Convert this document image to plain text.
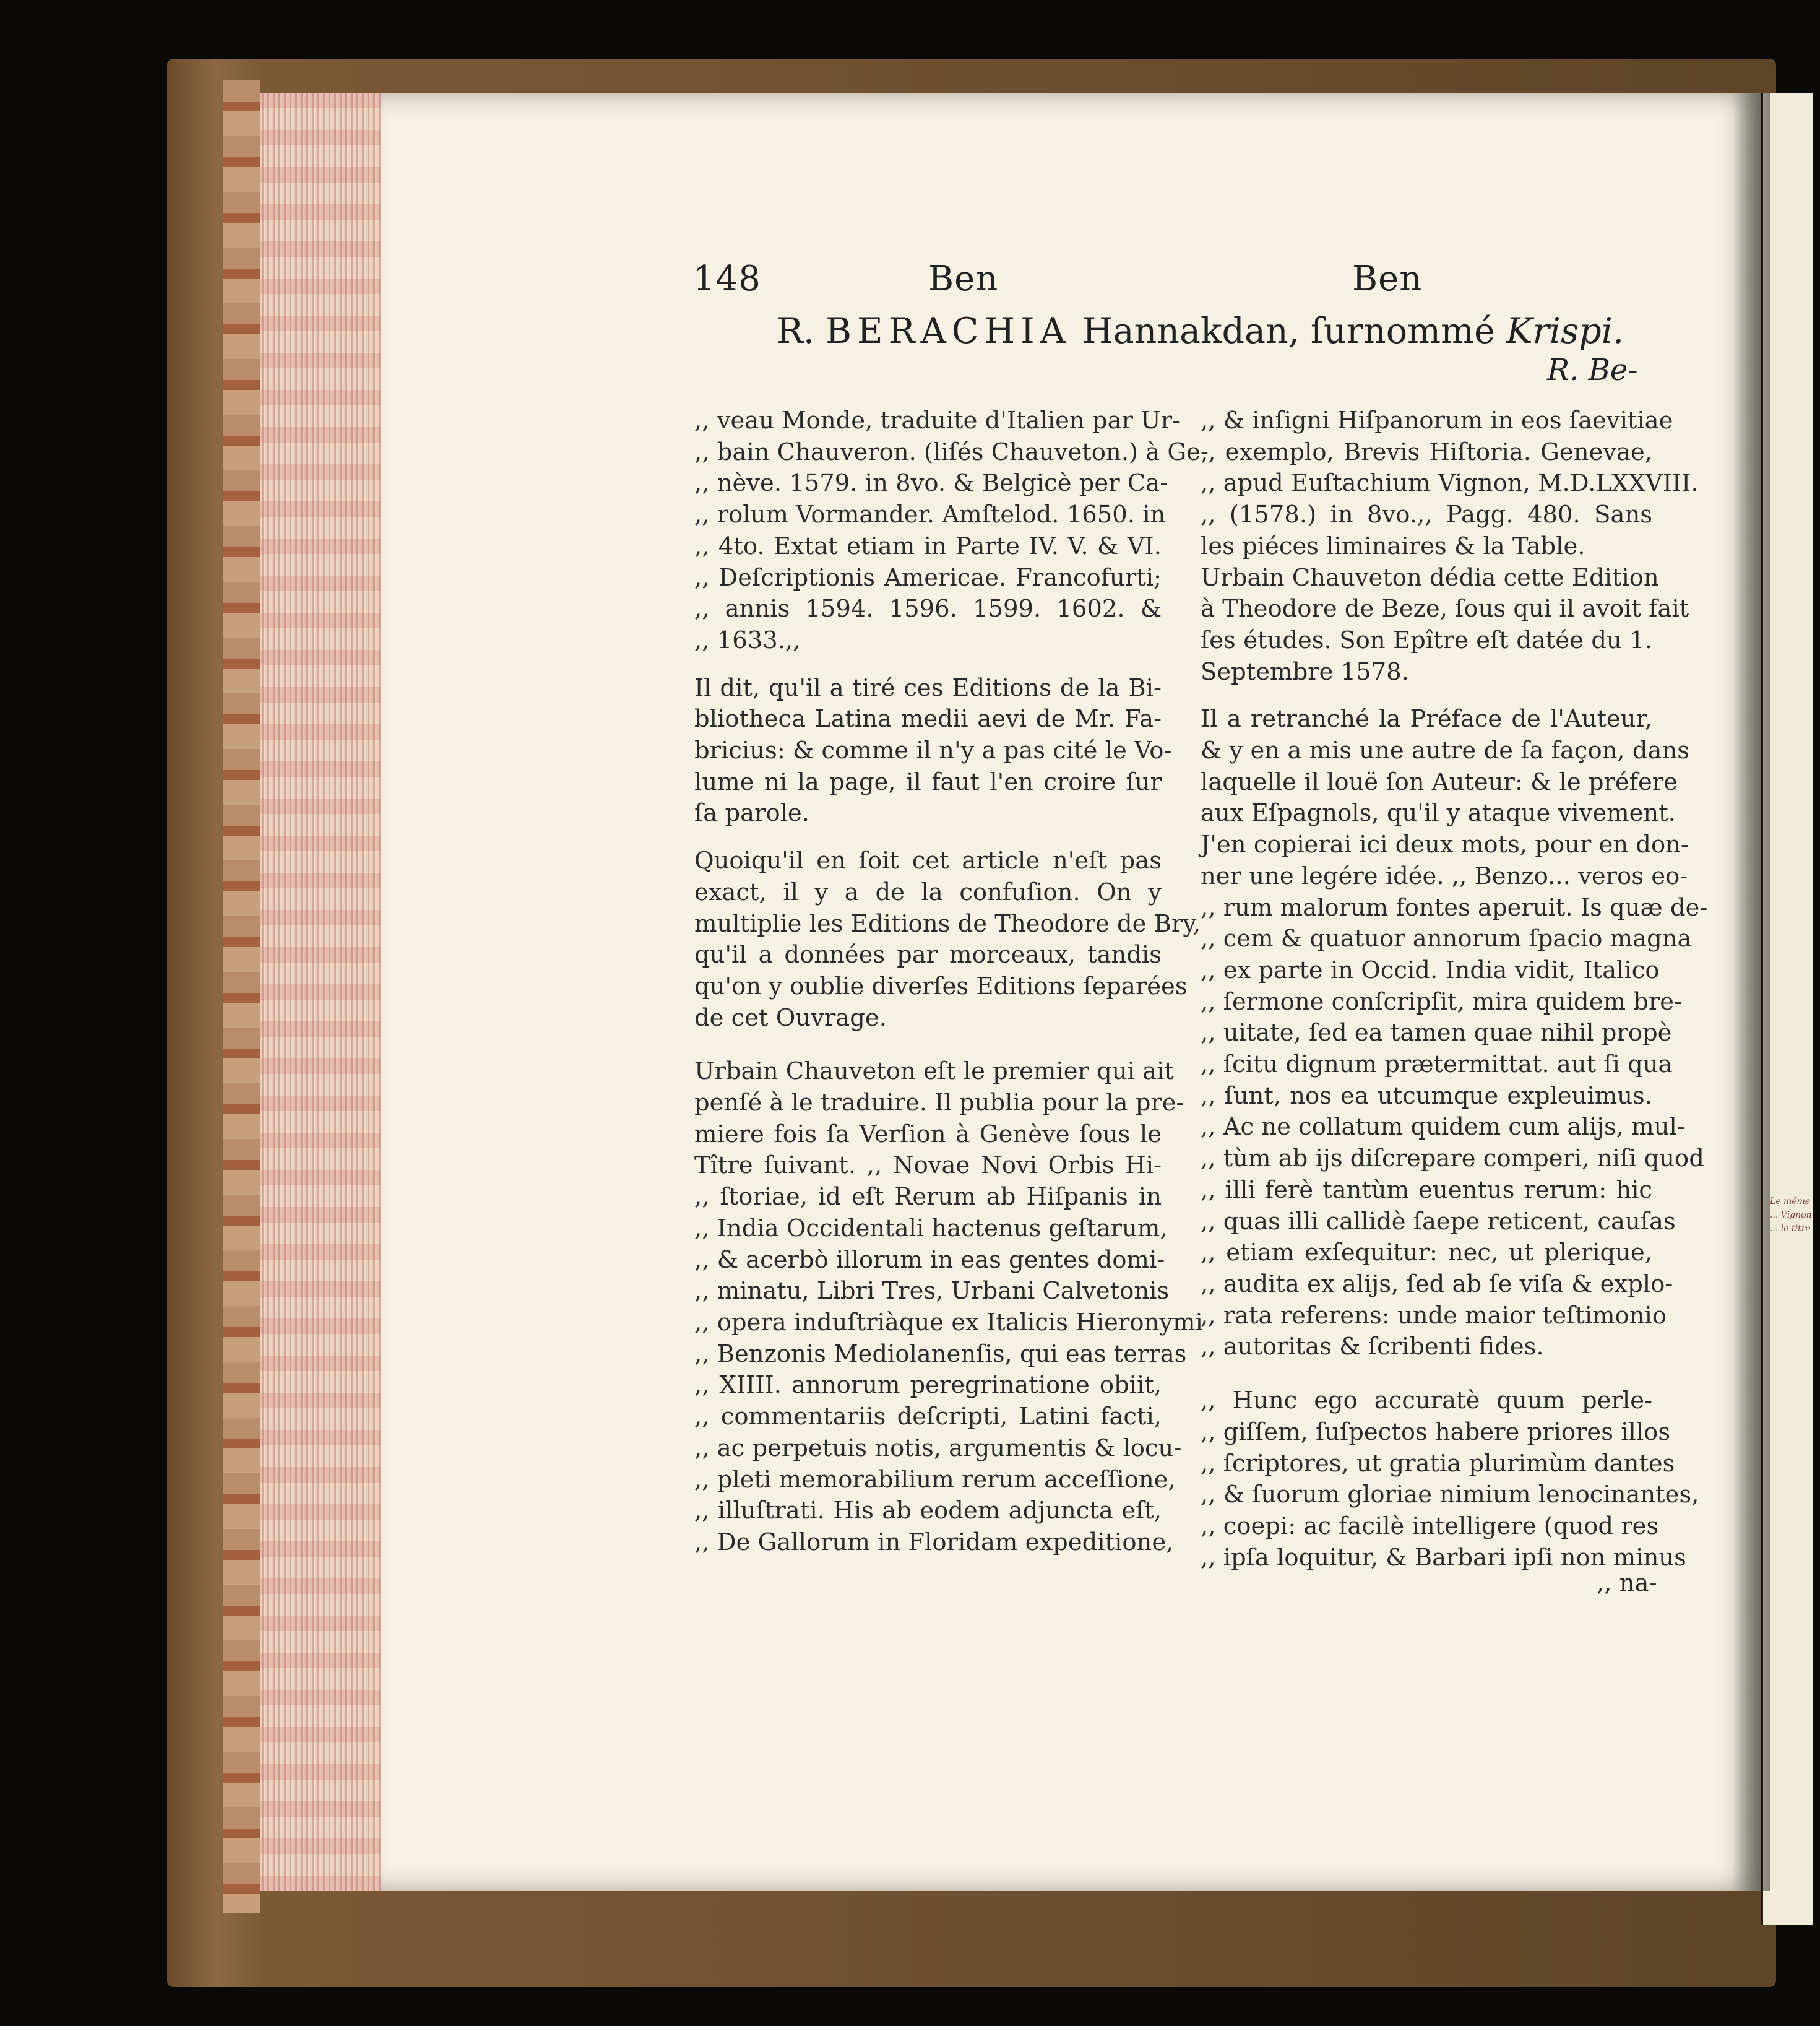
148	Ben	Ben
R. BERACHIA Hannakdan, ſurnommé Krispi.
R. Be-

,, veau Monde, traduite d'Italien par Ur-
,, bain Chauveron. (liſés Chauveton.) à Ge-
,, nève. 1579. in 8vo. & Belgicè per Ca-
,, rolum Vormander. Amſtelod. 1650. in
,, 4to. Extat etiam in Parte IV. V. & VI.
,, Deſcriptionis Americae. Francofurti;
,, annis 1594. 1596. 1599. 1602. &
,, 1633.,,

Il dit, qu'il a tiré ces Editions de la Bi-
bliotheca Latina medii aevi de Mr. Fa-
bricius: & comme il n'y a pas cité le Vo-
lume ni la page, il faut l'en croire ſur
ſa parole.

Quoiqu'il en ſoit cet article n'eſt pas
exact, il y a de la confuſion. On y
multiplie les Editions de Theodore de Bry,
qu'il a données par morceaux, tandis
qu'on y oublie diverſes Editions ſeparées
de cet Ouvrage.

Urbain Chauveton eſt le premier qui ait
penſé à le traduire. Il publia pour la pre-
miere fois ſa Verſion à Genève ſous le
Tître ſuivant. ,, Novae Novi Orbis Hi-
,, ſtoriae, id eſt Rerum ab Hiſpanis in
,, India Occidentali hactenus geſtarum,
,, & acerbò illorum in eas gentes domi-
,, minatu, Libri Tres, Urbani Calvetonis
,, opera induſtriàque ex Italicis Hieronymi
,, Benzonis Mediolanenſis, qui eas terras
,, XIIII. annorum peregrinatione obiit,
,, commentariis deſcripti, Latini facti,
,, ac perpetuis notis, argumentis & locu-
,, pleti memorabilium rerum acceſſione,
,, illuſtrati. His ab eodem adjuncta eſt,
,, De Gallorum in Floridam expeditione,

,, & inſigni Hiſpanorum in eos ſaevitiae
,, exemplo, Brevis Hiſtoria. Genevae,
,, apud Euſtachium Vignon, M.D.LXXVIII.
,, (1578.) in 8vo.,, Pagg. 480. Sans
les piéces liminaires & la Table.

Urbain Chauveton dédia cette Edition
à Theodore de Beze, ſous qui il avoit fait
ſes études. Son Epître eſt datée du 1.
Septembre 1578.

Il a retranché la Préface de l'Auteur,
& y en a mis une autre de ſa façon, dans
laquelle il louë ſon Auteur: & le préfere
aux Eſpagnols, qu'il y ataque vivement.
J'en copierai ici deux mots, pour en don-
ner une legére idée. ,, Benzo... veros eo-
,, rum malorum fontes aperuit. Is quæ de-
,, cem & quatuor annorum ſpacio magna
,, ex parte in Occid. India vidit, Italico
,, ſermone conſcripſit, mira quidem bre-
,, uitate, ſed ea tamen quae nihil propè
,, ſcitu dignum prætermittat. aut ſi qua
,, ſunt, nos ea utcumque expleuimus.
,, Ac ne collatum quidem cum alijs, mul-
,, tùm ab ijs diſcrepare comperi, niſi quod
,, illi ferè tantùm euentus rerum: hic
,, quas illi callidè ſaepe reticent, cauſas
,, etiam exſequitur: nec, ut plerique,
,, audita ex alijs, ſed ab ſe viſa & explo-
,, rata referens: unde maior teſtimonio
,, autoritas & ſcribenti fides.

,, Hunc ego accuratè quum perle-
,, giſſem, ſuſpectos habere priores illos
,, ſcriptores, ut gratia plurimùm dantes
,, & ſuorum gloriae nimium lenocinantes,
,, coepi: ac facilè intelligere (quod res
,, ipſa loquitur, & Barbari ipſi non minus

,, na-
Le même ... Vignon ... le titre
